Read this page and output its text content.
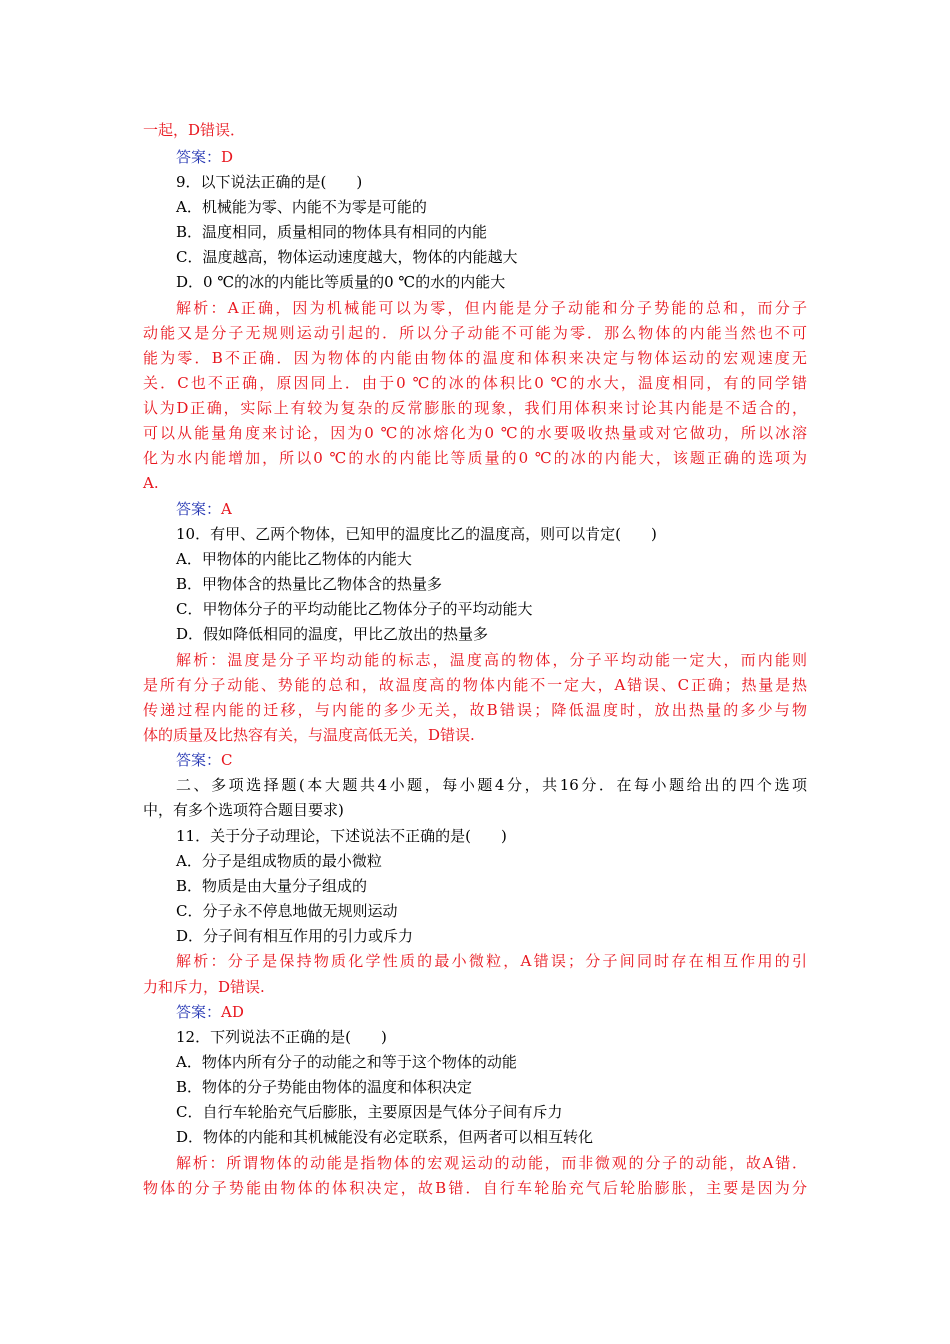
一起，D错误．
答案：D
9．以下说法正确的是(　　)
A．机械能为零、内能不为零是可能的
B．温度相同，质量相同的物体具有相同的内能
C．温度越高，物体运动速度越大，物体的内能越大
D．0 ℃的冰的内能比等质量的0 ℃的水的内能大
解析：A正确，因为机械能可以为零，但内能是分子动能和分子势能的总和，而分子
动能又是分子无规则运动引起的．所以分子动能不可能为零．那么物体的内能当然也不可
能为零．B不正确．因为物体的内能由物体的温度和体积来决定与物体运动的宏观速度无
关．C也不正确，原因同上．由于0 ℃的冰的体积比0 ℃的水大，温度相同，有的同学错
认为D正确，实际上有较为复杂的反常膨胀的现象，我们用体积来讨论其内能是不适合的，
可以从能量角度来讨论，因为0 ℃的冰熔化为0 ℃的水要吸收热量或对它做功，所以冰溶
化为水内能增加，所以0 ℃的水的内能比等质量的0 ℃的冰的内能大，该题正确的选项为
A.
答案：A
10．有甲、乙两个物体，已知甲的温度比乙的温度高，则可以肯定(　　)
A．甲物体的内能比乙物体的内能大
B．甲物体含的热量比乙物体含的热量多
C．甲物体分子的平均动能比乙物体分子的平均动能大
D．假如降低相同的温度，甲比乙放出的热量多
解析：温度是分子平均动能的标志，温度高的物体，分子平均动能一定大，而内能则
是所有分子动能、势能的总和，故温度高的物体内能不一定大，A错误、C正确；热量是热
传递过程内能的迁移，与内能的多少无关，故B错误；降低温度时，放出热量的多少与物
体的质量及比热容有关，与温度高低无关，D错误.
答案：C
二、多项选择题(本大题共4小题，每小题4分，共16分．在每小题给出的四个选项
中，有多个选项符合题目要求)
11．关于分子动理论，下述说法不正确的是(　　)
A．分子是组成物质的最小微粒
B．物质是由大量分子组成的
C．分子永不停息地做无规则运动
D．分子间有相互作用的引力或斥力
解析：分子是保持物质化学性质的最小微粒，A错误；分子间同时存在相互作用的引
力和斥力，D错误.
答案：AD
12．下列说法不正确的是(　　)
A．物体内所有分子的动能之和等于这个物体的动能
B．物体的分子势能由物体的温度和体积决定
C．自行车轮胎充气后膨胀，主要原因是气体分子间有斥力
D．物体的内能和其机械能没有必定联系，但两者可以相互转化
解析：所谓物体的动能是指物体的宏观运动的动能，而非微观的分子的动能，故A错．
物体的分子势能由物体的体积决定，故B错．自行车轮胎充气后轮胎膨胀，主要是因为分
